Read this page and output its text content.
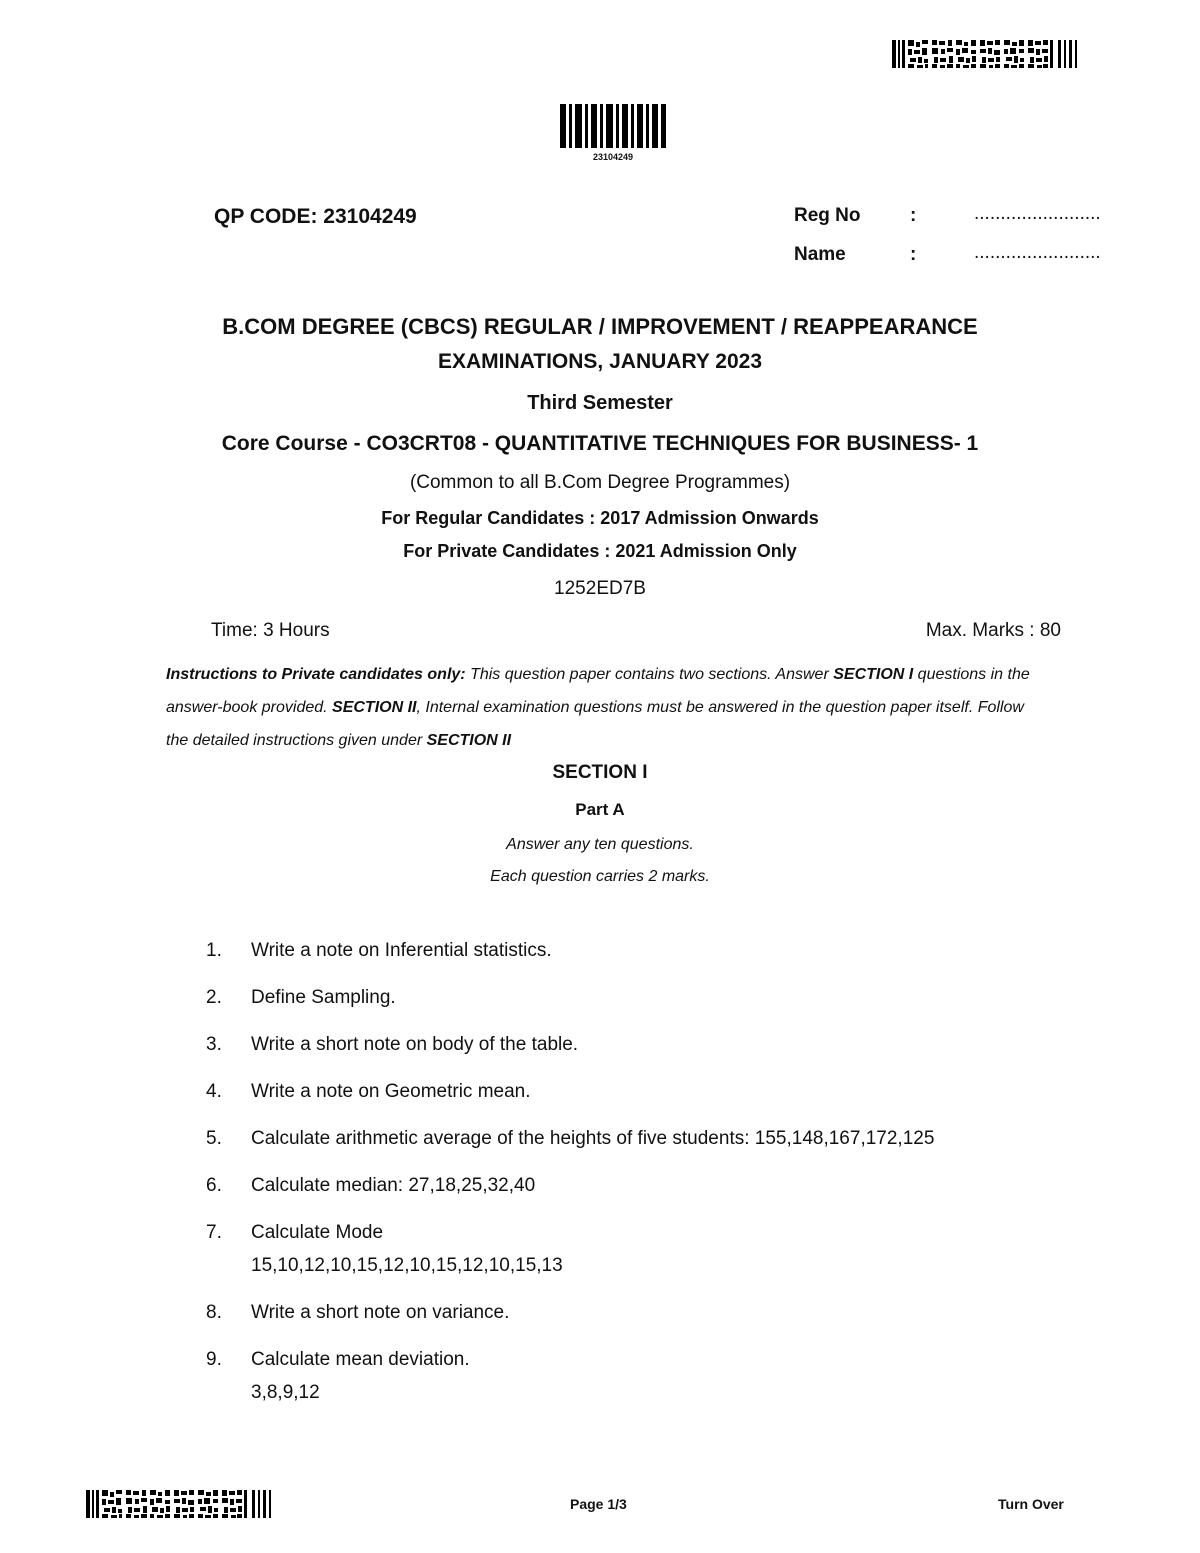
23104249
QP CODE: 23104249	Reg No	:	........................
Name	:	........................
B.COM DEGREE (CBCS) REGULAR / IMPROVEMENT / REAPPEARANCE
EXAMINATIONS, JANUARY 2023
Third Semester
Core Course - CO3CRT08 - QUANTITATIVE TECHNIQUES FOR BUSINESS- 1
(Common to all B.Com Degree Programmes)
For Regular Candidates : 2017 Admission Onwards
For Private Candidates : 2021 Admission Only
1252ED7B
Time: 3 Hours	Max. Marks : 80
Instructions to Private candidates only: This question paper contains two sections. Answer SECTION I questions in the answer-book provided. SECTION II, Internal examination questions must be answered in the question paper itself. Follow the detailed instructions given under SECTION II
SECTION I
Part A
Answer any ten questions.
Each question carries 2 marks.
1. Write a note on Inferential statistics.
2. Define Sampling.
3. Write a short note on body of the table.
4. Write a note on Geometric mean.
5. Calculate arithmetic average of the heights of five students: 155,148,167,172,125
6. Calculate median: 27,18,25,32,40
7. Calculate Mode
15,10,12,10,15,12,10,15,12,10,15,13
8. Write a short note on variance.
9. Calculate mean deviation.
3,8,9,12
Page 1/3	Turn Over
